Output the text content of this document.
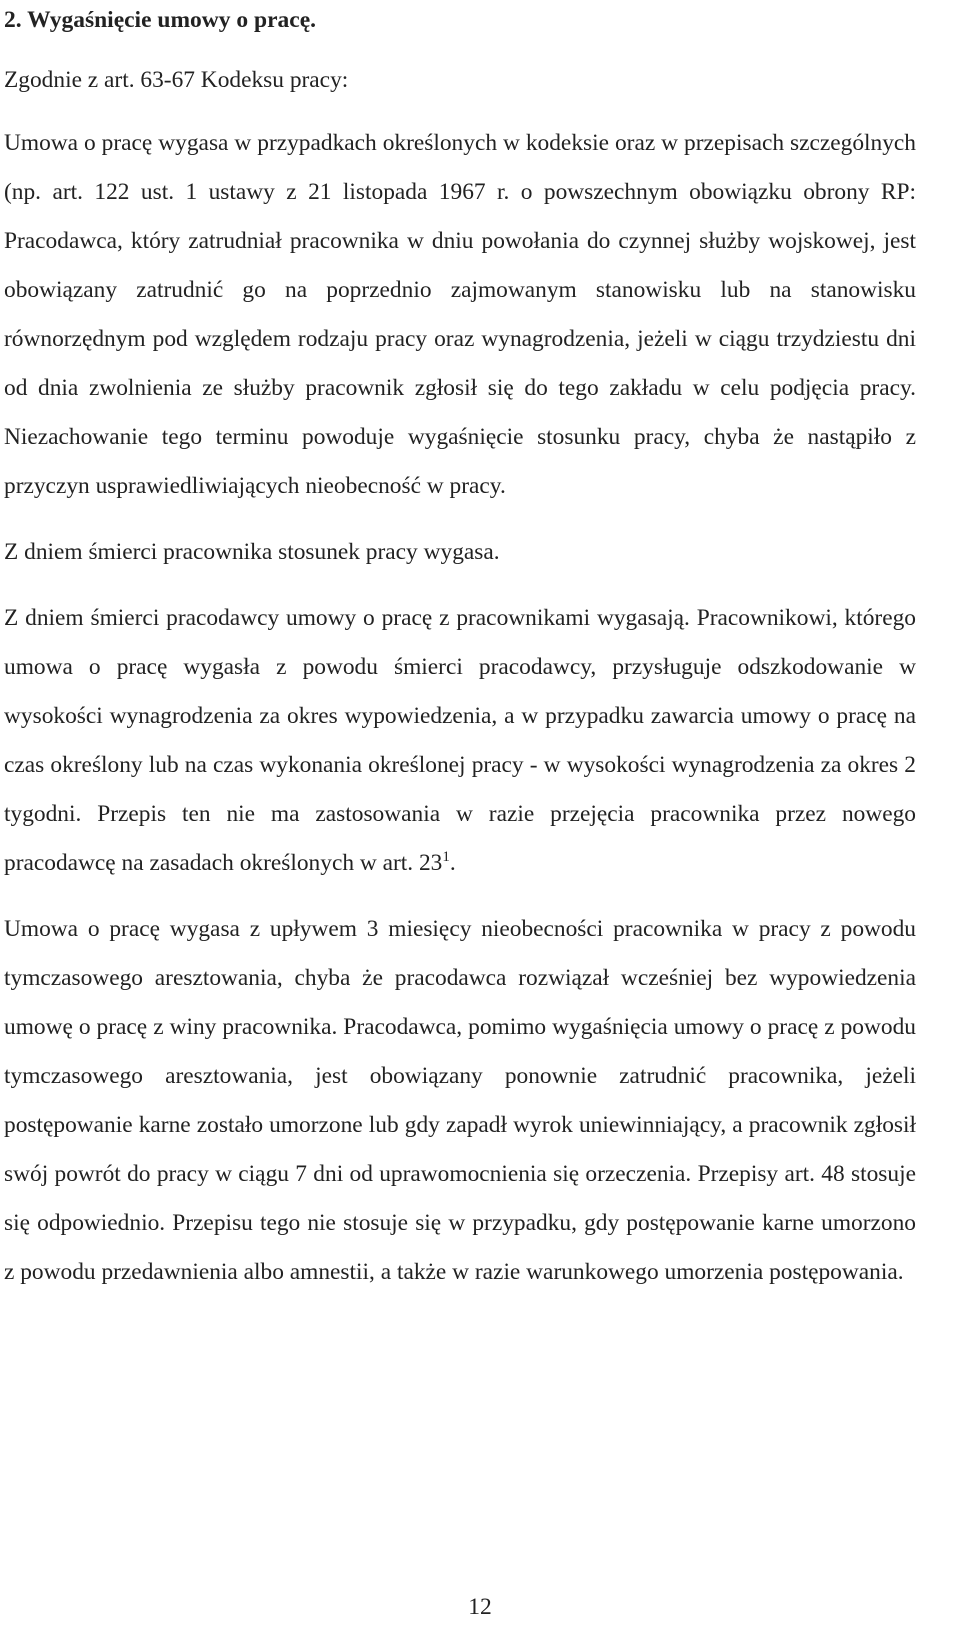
2. Wygaśnięcie umowy o pracę.

Zgodnie z art. 63-67 Kodeksu pracy:

Umowa o pracę wygasa w przypadkach określonych w kodeksie oraz w przepisach szczególnych (np. art. 122 ust. 1 ustawy z 21 listopada 1967 r. o powszechnym obowiązku obrony RP: Pracodawca, który zatrudniał pracownika w dniu powołania do czynnej służby wojskowej, jest obowiązany zatrudnić go na poprzednio zajmowanym stanowisku lub na stanowisku równorzędnym pod względem rodzaju pracy oraz wynagrodzenia, jeżeli w ciągu trzydziestu dni od dnia zwolnienia ze służby pracownik zgłosił się do tego zakładu w celu podjęcia pracy. Niezachowanie tego terminu powoduje wygaśnięcie stosunku pracy, chyba że nastąpiło z przyczyn usprawiedliwiających nieobecność w pracy.

Z dniem śmierci pracownika stosunek pracy wygasa.

Z dniem śmierci pracodawcy umowy o pracę z pracownikami wygasają. Pracownikowi, którego umowa o pracę wygasła z powodu śmierci pracodawcy, przysługuje odszkodowanie w wysokości wynagrodzenia za okres wypowiedzenia, a w przypadku zawarcia umowy o pracę na czas określony lub na czas wykonania określonej pracy - w wysokości wynagrodzenia za okres 2 tygodni. Przepis ten nie ma zastosowania w razie przejęcia pracownika przez nowego pracodawcę na zasadach określonych w art. $23^1$.

Umowa o pracę wygasa z upływem 3 miesięcy nieobecności pracownika w pracy z powodu tymczasowego aresztowania, chyba że pracodawca rozwiązał wcześniej bez wypowiedzenia umowę o pracę z winy pracownika. Pracodawca, pomimo wygaśnięcia umowy o pracę z powodu tymczasowego aresztowania, jest obowiązany ponownie zatrudnić pracownika, jeżeli postępowanie karne zostało umorzone lub gdy zapadł wyrok uniewinniający, a pracownik zgłosił swój powrót do pracy w ciągu 7 dni od uprawomocnienia się orzeczenia. Przepisy art. 48 stosuje się odpowiednio. Przepisu tego nie stosuje się w przypadku, gdy postępowanie karne umorzono z powodu przedawnienia albo amnestii, a także w razie warunkowego umorzenia postępowania.

12
